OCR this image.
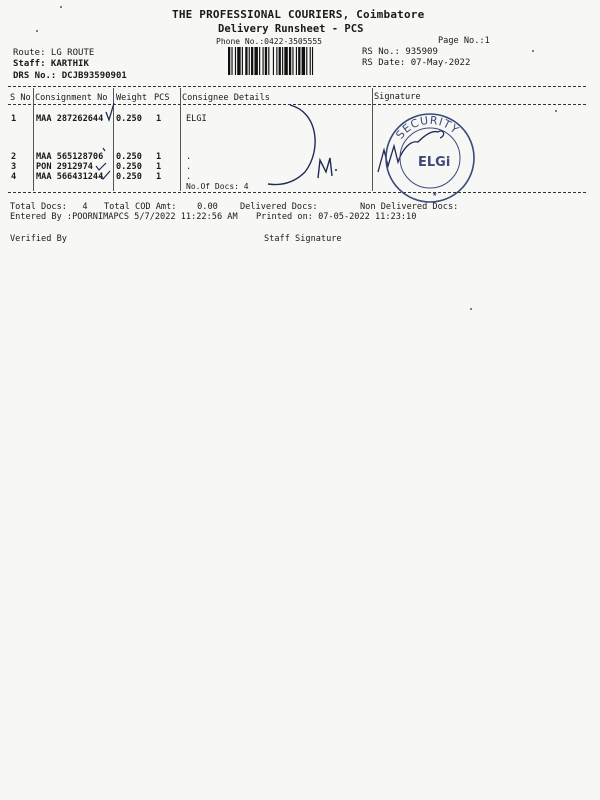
THE PROFESSIONAL COURIERS, Coimbatore
Delivery Runsheet - PCS
Phone No.:0422-3505555	Page No.:1
Route: LG ROUTE
Staff: KARTHIK
DRS No.: DCJB93590901
RS No.: 935909
RS Date: 07-May-2022
S No Consignment No Weight PCS Consignee Details	Signature
1 MAA 287262644 0.250 1	ELGI
2 MAA 565128706 0.250 1	.
3 PON 2912974	0.250 1	.
4 MAA 566431244 0.250 1	.
No.Of Docs: 4
Total Docs:   4 Total COD Amt:    0.00	Delivered Docs:	Non Delivered Docs:
Entered By :POORNIMAPCS 5/7/2022 11:22:56 AM Printed on: 07-05-2022 11:23:10
Verified By	Staff Signature
SECURITY
ELGi
★
